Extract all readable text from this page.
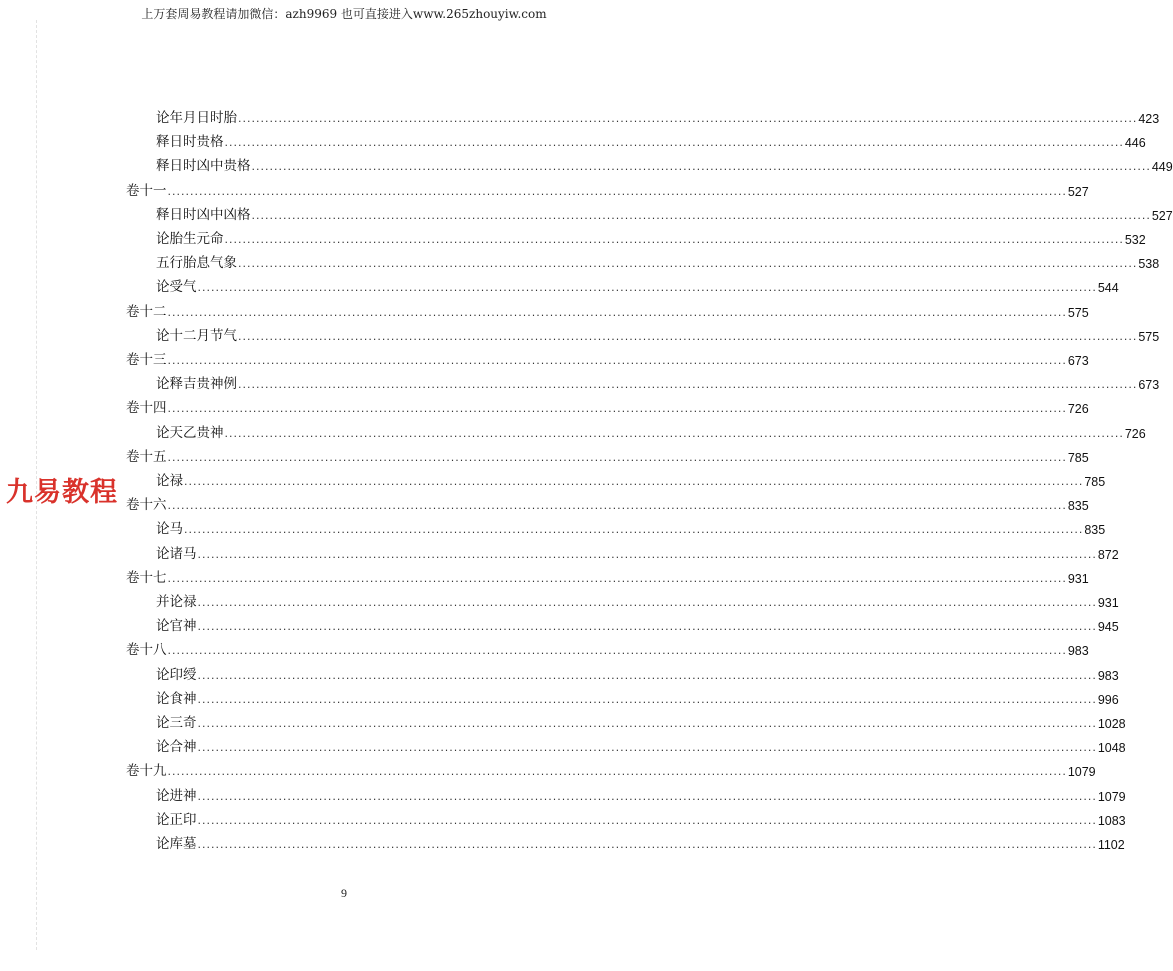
上万套周易教程请加微信：azh9969 也可直接进入www.265zhouyiw.com
论年月日时胎 ........................................................................................................................................................................................................ 423
释日时贵格 ........................................................................................................................................................................................................ 446
释日时凶中贵格 ........................................................................................................................................................................................................ 449
卷十一 ........................................................................................................................................................................................................ 527
释日时凶中凶格 ........................................................................................................................................................................................................ 527
论胎生元命 ........................................................................................................................................................................................................ 532
五行胎息气象 ........................................................................................................................................................................................................ 538
论受气 ........................................................................................................................................................................................................ 544
卷十二 ........................................................................................................................................................................................................ 575
论十二月节气 ........................................................................................................................................................................................................ 575
卷十三 ........................................................................................................................................................................................................ 673
论释吉贵神例 ........................................................................................................................................................................................................ 673
卷十四 ........................................................................................................................................................................................................ 726
论天乙贵神 ........................................................................................................................................................................................................ 726
卷十五 ........................................................................................................................................................................................................ 785
论禄 ........................................................................................................................................................................................................ 785
卷十六 ........................................................................................................................................................................................................ 835
论马 ........................................................................................................................................................................................................ 835
论诸马 ........................................................................................................................................................................................................ 872
卷十七 ........................................................................................................................................................................................................ 931
并论禄 ........................................................................................................................................................................................................ 931
论官神 ........................................................................................................................................................................................................ 945
卷十八 ........................................................................................................................................................................................................ 983
论印绶 ........................................................................................................................................................................................................ 983
论食神 ........................................................................................................................................................................................................ 996
论三奇 ........................................................................................................................................................................................................ 1028
论合神 ........................................................................................................................................................................................................ 1048
卷十九 ........................................................................................................................................................................................................ 1079
论进神 ........................................................................................................................................................................................................ 1079
论正印 ........................................................................................................................................................................................................ 1083
论库墓 ........................................................................................................................................................................................................ 1102
九易教程
9
